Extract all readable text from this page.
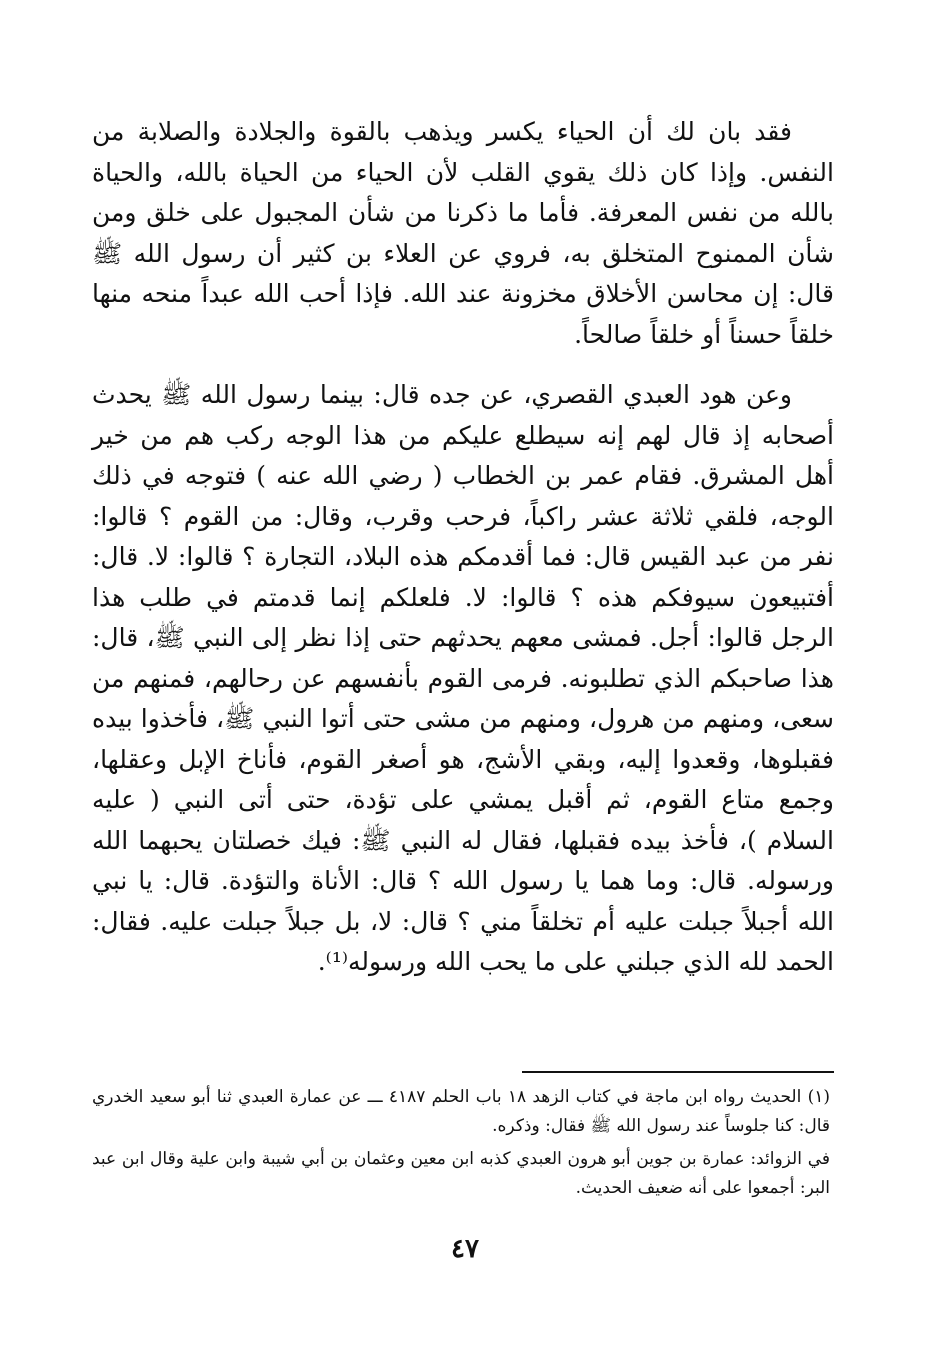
فقد بان لك أن الحياء يكسر ويذهب بالقوة والجلادة والصلابة من النفس. وإذا كان ذلك يقوي القلب لأن الحياء من الحياة بالله، والحياة بالله من نفس المعرفة. فأما ما ذكرنا من شأن المجبول على خلق ومن شأن الممنوح المتخلق به، فروي عن العلاء بن كثير أن رسول الله ﷺ قال: إن محاسن الأخلاق مخزونة عند الله. فإذا أحب الله عبداً منحه منها خلقاً حسناً أو خلقاً صالحاً.

وعن هود العبدي القصري، عن جده قال: بينما رسول الله ﷺ يحدث أصحابه إذ قال لهم إنه سيطلع عليكم من هذا الوجه ركب هم من خير أهل المشرق. فقام عمر بن الخطاب ( رضي الله عنه ) فتوجه في ذلك الوجه، فلقي ثلاثة عشر راكباً، فرحب وقرب، وقال: من القوم ؟ قالوا: نفر من عبد القيس قال: فما أقدمكم هذه البلاد، التجارة ؟ قالوا: لا. قال: أفتبيعون سيوفكم هذه ؟ قالوا: لا. فلعلكم إنما قدمتم في طلب هذا الرجل قالوا: أجل. فمشى معهم يحدثهم حتى إذا نظر إلى النبي ﷺ، قال: هذا صاحبكم الذي تطلبونه. فرمى القوم بأنفسهم عن رحالهم، فمنهم من سعى، ومنهم من هرول، ومنهم من مشى حتى أتوا النبي ﷺ، فأخذوا بيده فقبلوها، وقعدوا إليه، وبقي الأشج، هو أصغر القوم، فأناخ الإبل وعقلها، وجمع متاع القوم، ثم أقبل يمشي على تؤدة، حتى أتى النبي ( عليه السلام )، فأخذ بيده فقبلها، فقال له النبي ﷺ: فيك خصلتان يحبهما الله ورسوله. قال: وما هما يا رسول الله ؟ قال: الأناة والتؤدة. قال: يا نبي الله أجبلاً جبلت عليه أم تخلقاً مني ؟ قال: لا، بل جبلاً جبلت عليه. فقال: الحمد لله الذي جبلني على ما يحب الله ورسوله⁽¹⁾.

(١) الحديث رواه ابن ماجة في كتاب الزهد ١٨ باب الحلم ٤١٨٧ ـــ عن عمارة العبدي ثنا أبو سعيد الخدري قال: كنا جلوساً عند رسول الله ﷺ فقال: وذكره.

في الزوائد: عمارة بن جوين أبو هرون العبدي كذبه ابن معين وعثمان بن أبي شيبة وابن علية وقال ابن عبد البر: أجمعوا على أنه ضعيف الحديث.

٤٧
